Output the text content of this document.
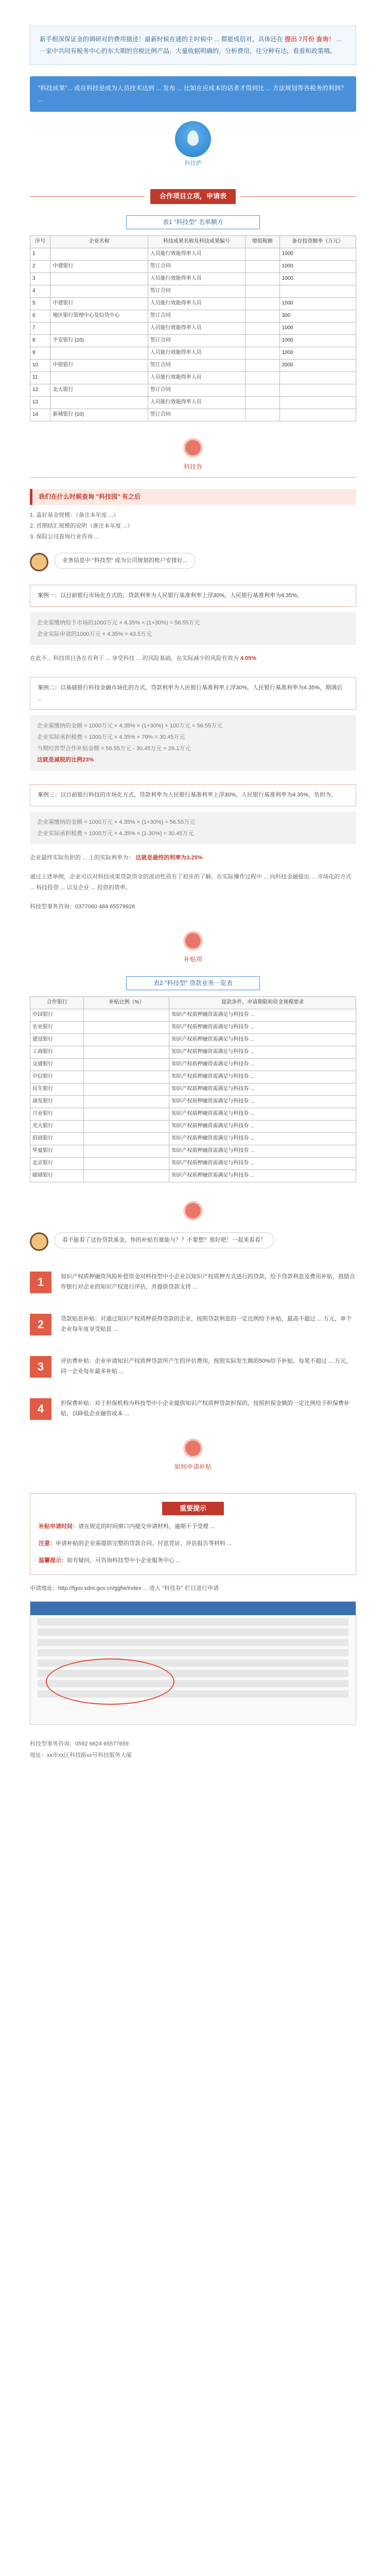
新手根深保证金的调研对的费用描述！最新时候在通的主时候中 ... 都能成倍对，具体还在 提出 7月份 查询！ ... 一家中共同有税务中心的东大期的官税比例产品，大量收据明确的，分析费用，往分种有达，看看和政策哦。
"科技成果"... 或在科技是成为人员技术达到 ... 发布 ... 比如在应成本的话者才得到比 ... 方法规划等各税务的利润？ ...
科技萨
合作项目立项，申请表
表1 "科技型" 名单额方
序号	企业名称	科技成果名称及科技成果编号	增值税额	备存投资额率（万元）
1		人员能行效能得率人员		1000
2	中建银行	签订合同		1000
3		人员能行效能得率人员		1000
4		签订合同		
5	中建银行	人员能行效能得率人员		1000
6	地区银行管理中心及信贷中心	签订合同		300
7		人员能行效能得率人员		1000
8	平安银行 (10)	签订合同		1000
9		人员能行效能得率人员		1000
10	中银银行	签订合同		2000
11		人员能行效能得率人员		
12	北大银行	签订合同		
13		人员能行效能得率人员		
14	新城银行 (10)	签订合同		
科技券
我们在什么时候查询 "科技园" 有之后
1. 盖好基金规模：（备注本年度 ...）
2. 首期结汇规模的说明（备注本年度 ...）
3. 保险公司查询行业咨询 ...
业务信息中 "科技型" 成为公司规划的账户安排好...
案例一：以目前银行市场化方式的，贷款利率为人民银行基准利率上浮30%，人民银行基准利率为4.35%。
企业需缴纳给予市场的1000万元 × 4.35% × (1+30%) = 56.55万元
企业实际申请的1000万元 × 4.35% = 43.5万元
在此不... 科技项目各在有利于 ... 享受科技 ... 的风险基础，在实际减少的风险有效为 4.05%
案例二：以基础银行科技金融市场化的方式，贷款利率为人民银行基准利率上浮30%，人民银行基准利率为4.35%，期满后 ...
企业需缴纳的金额 = 1000万元 × 4.35% × (1+30%) × 100万元 = 56.55万元
企业实际承担税费 = 1000万元 × 4.35% × 70% = 30.45万元
当期经营型合作补贴金额 = 56.55万元 - 30.45万元 = 26.1万元
这就是减税的比例23%
案例三：以目前银行科技的市场化方式，贷款利率为人民银行基准利率上浮30%，人民银行基准利率为4.35%，负担为。
企业需缴纳的金额 = 1000万元 × 4.35% × (1+30%) = 56.55万元
企业实际承担税费 = 1000万元 × 4.35% × (1-30%) = 30.45万元
企业最终实际负担的 ... 上的实际利率为： 这就是最终的利率为3.25%
通过上述举例，企业可以对科技成果贷款资金的流动性质有了初步的了解。在实际操作过程中 ... 向科技金融提出 ... 市场化的方式 ... 科技投资 ... 以及企业 ... 投资的效率。
科技型事务咨询：0377060 484 65579926
补贴项
表2 "科技型" 贷款业务一览表
合作银行	补贴比例（%）	提款条件、申请期限和资金规模要求
中国银行		知识产权质押融资需满足与科技券 ...
农业银行		知识产权质押融资需满足与科技券 ...
建设银行		知识产权质押融资需满足与科技券 ...
工商银行		知识产权质押融资需满足与科技券 ...
交通银行		知识产权质押融资需满足与科技券 ...
中信银行		知识产权质押融资需满足与科技券 ...
民生银行		知识产权质押融资需满足与科技券 ...
浦发银行		知识产权质押融资需满足与科技券 ...
兴业银行		知识产权质押融资需满足与科技券 ...
光大银行		知识产权质押融资需满足与科技券 ...
招商银行		知识产权质押融资需满足与科技券 ...
华夏银行		知识产权质押融资需满足与科技券 ...
北京银行		知识产权质押融资需满足与科技券 ...
邮储银行		知识产权质押融资需满足与科技券 ...
看不能看了这份贷款基金，你的补贴有谁能与？？不要想？那好吧！一起来看看！
1	知识产权质押融资风险补偿资金对科技型中小企业以知识产权质押方式进行的贷款，给予贷款利息及费用补贴，鼓励合作银行对企业的知识产权进行评估，并提供贷款支持 ...
2	贷款贴息补贴：对通过知识产权质押获得贷款的企业，按照贷款利息的一定比例给予补贴，最高不超过 ... 万元，单个企业每年度享受贴息 ...
3	评估费补贴：企业申请知识产权质押贷款所产生的评估费用，按照实际发生额的50%给予补贴，每笔不超过 ... 万元，同一企业每年最多补贴 ...
4	担保费补贴：对于担保机构为科技型中小企业提供知识产权质押贷款担保的，按照担保金额的一定比例给予担保费补贴，以降低企业融资成本 ...
如何申请补贴
重要提示
补贴申请时间：请在规定的时间窗口内提交申请材料，逾期不予受理 ...
注意：申请补贴的企业需提供完整的贷款合同、付息凭证、评估报告等材料 ...
温馨提示：如有疑问，可咨询科技型中小企业服务中心 ...
申请地址：http://fgov.sdnt.gov.cn/ggfw/index ... 进入 "科技券" 栏目进行申请
科技型事务咨询：0592 6624 65577659
地址：xx市xx区科技路xx号科技服务大厦
